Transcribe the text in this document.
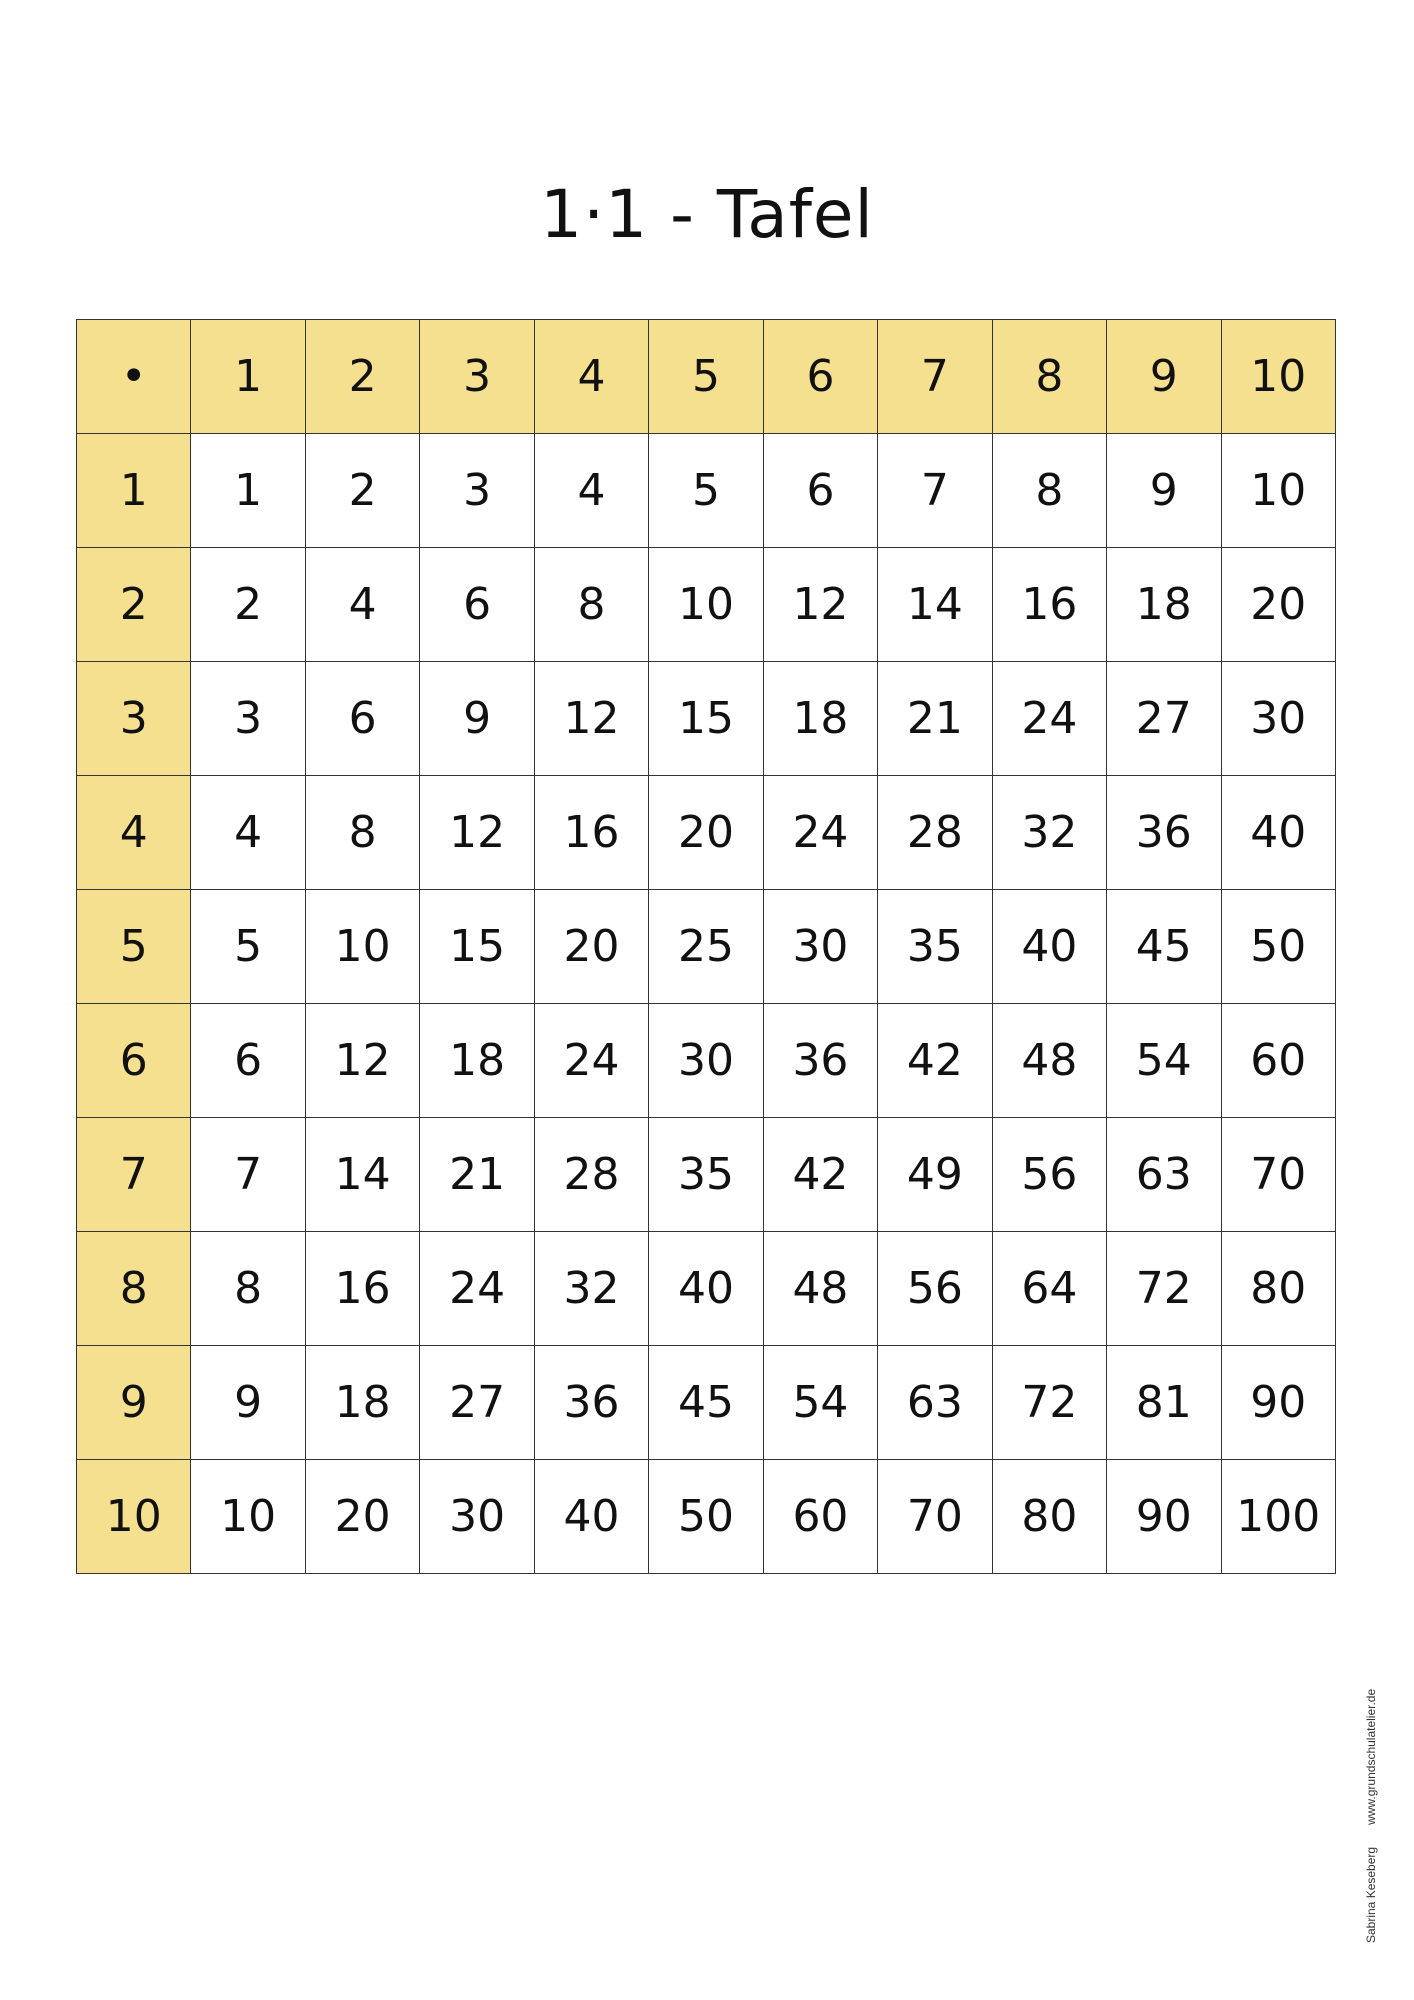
1·1 - Tafel
•	1	2	3	4	5	6	7	8	9	10
1	1	2	3	4	5	6	7	8	9	10
2	2	4	6	8	10	12	14	16	18	20
3	3	6	9	12	15	18	21	24	27	30
4	4	8	12	16	20	24	28	32	36	40
5	5	10	15	20	25	30	35	40	45	50
6	6	12	18	24	30	36	42	48	54	60
7	7	14	21	28	35	42	49	56	63	70
8	8	16	24	32	40	48	56	64	72	80
9	9	18	27	36	45	54	63	72	81	90
10	10	20	30	40	50	60	70	80	90	100
Sabrina Kesebergwww.grundschulatelier.de
